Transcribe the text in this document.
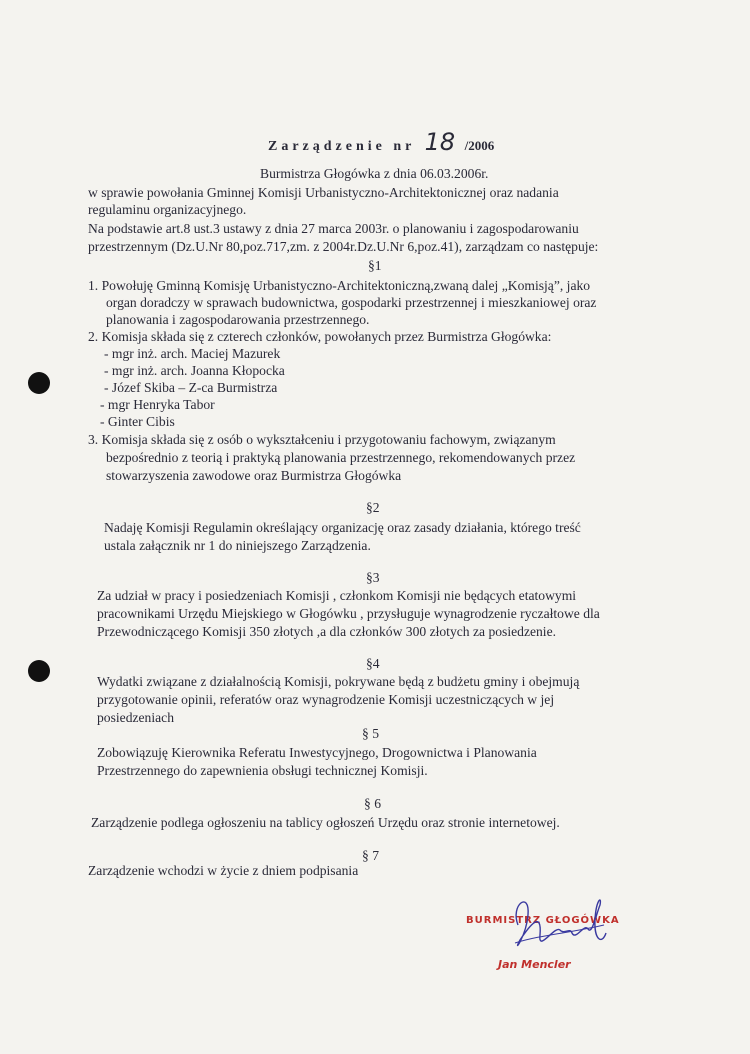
Zarządzenie nr 18 /2006
Burmistrza Głogówka z dnia 06.03.2006r.
w sprawie powołania Gminnej Komisji Urbanistyczno-Architektonicznej oraz nadania
regulaminu organizacyjnego.
Na podstawie art.8 ust.3 ustawy z dnia 27 marca 2003r. o planowaniu i zagospodarowaniu
przestrzennym (Dz.U.Nr 80,poz.717,zm. z 2004r.Dz.U.Nr 6,poz.41), zarządzam co następuje:
§1
1. Powołuję Gminną Komisję Urbanistyczno-Architektoniczną,zwaną dalej „Komisją”, jako
organ doradczy w sprawach budownictwa, gospodarki przestrzennej i mieszkaniowej oraz
planowania i zagospodarowania przestrzennego.
2. Komisja składa się z czterech członków, powołanych przez Burmistrza Głogówka:
- mgr inż. arch. Maciej Mazurek
- mgr inż. arch. Joanna Kłopocka
- Józef Skiba – Z-ca Burmistrza
- mgr Henryka Tabor
- Ginter Cibis
3. Komisja składa się z osób o wykształceniu i przygotowaniu fachowym, związanym
bezpośrednio z teorią i praktyką planowania przestrzennego, rekomendowanych przez
stowarzyszenia zawodowe oraz Burmistrza Głogówka
§2
Nadaję Komisji Regulamin określający organizację oraz zasady działania, którego treść
ustala załącznik nr 1 do niniejszego Zarządzenia.
§3
Za udział w pracy i posiedzeniach Komisji , członkom Komisji nie będących etatowymi
pracownikami Urzędu Miejskiego w Głogówku , przysługuje wynagrodzenie ryczałtowe dla
Przewodniczącego Komisji 350 złotych ,a dla członków 300 złotych za posiedzenie.
§4
Wydatki związane z działalnością Komisji, pokrywane będą z budżetu gminy i obejmują
przygotowanie opinii, referatów oraz wynagrodzenie Komisji uczestniczących w jej
posiedzeniach
§ 5
Zobowiązuję Kierownika Referatu Inwestycyjnego, Drogownictwa i Planowania
Przestrzennego do zapewnienia obsługi technicznej Komisji.
§ 6
Zarządzenie podlega ogłoszeniu na tablicy ogłoszeń Urzędu oraz stronie internetowej.
§ 7
Zarządzenie wchodzi w życie z dniem podpisania
BURMISTRZ GŁOGÓWKA
Jan Mencler
